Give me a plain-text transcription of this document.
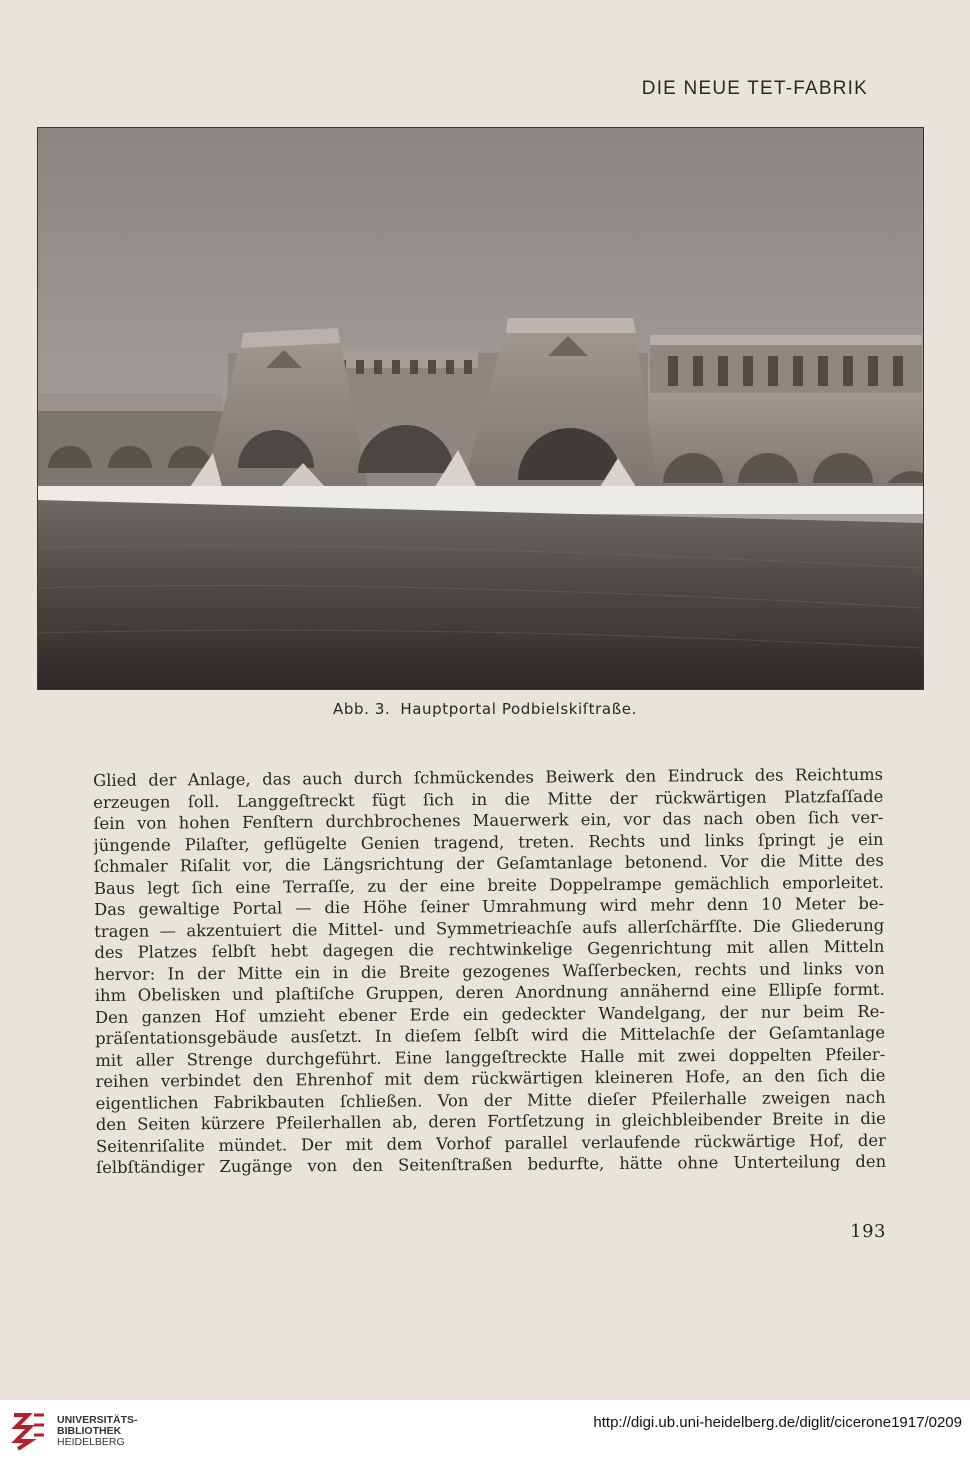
DIE NEUE TET-FABRIK
Abb. 3. Hauptportal Podbielskiſtraße.
Glied der Anlage, das auch durch ſchmückendes Beiwerk den Eindruck des Reichtums
erzeugen ſoll. Langgeſtreckt fügt ſich in die Mitte der rückwärtigen Platzfaſſade
ſein von hohen Fenſtern durchbrochenes Mauerwerk ein, vor das nach oben ſich ver-
jüngende Pilaſter, geflügelte Genien tragend, treten. Rechts und links ſpringt je ein
ſchmaler Riſalit vor, die Längsrichtung der Geſamtanlage betonend. Vor die Mitte des
Baus legt ſich eine Terraſſe, zu der eine breite Doppelrampe gemächlich emporleitet.
Das gewaltige Portal — die Höhe ſeiner Umrahmung wird mehr denn 10 Meter be-
tragen — akzentuiert die Mittel- und Symmetrieachſe aufs allerſchärfſte. Die Gliederung
des Platzes ſelbſt hebt dagegen die rechtwinkelige Gegenrichtung mit allen Mitteln
hervor: In der Mitte ein in die Breite gezogenes Waſſerbecken, rechts und links von
ihm Obelisken und plaſtiſche Gruppen, deren Anordnung annähernd eine Ellipſe formt.
Den ganzen Hof umzieht ebener Erde ein gedeckter Wandelgang, der nur beim Re-
präſentationsgebäude ausſetzt. In dieſem ſelbſt wird die Mittelachſe der Geſamtanlage
mit aller Strenge durchgeführt. Eine langgeſtreckte Halle mit zwei doppelten Pfeiler-
reihen verbindet den Ehrenhof mit dem rückwärtigen kleineren Hofe, an den ſich die
eigentlichen Fabrikbauten ſchließen. Von der Mitte dieſer Pfeilerhalle zweigen nach
den Seiten kürzere Pfeilerhallen ab, deren Fortſetzung in gleichbleibender Breite in die
Seitenriſalite mündet. Der mit dem Vorhof parallel verlaufende rückwärtige Hof, der
ſelbſtändiger Zugänge von den Seitenſtraßen bedurfte, hätte ohne Unterteilung den
193
UNIVERSITÄTS-
BIBLIOTHEK
HEIDELBERG
http://digi.ub.uni-heidelberg.de/diglit/cicerone1917/0209
